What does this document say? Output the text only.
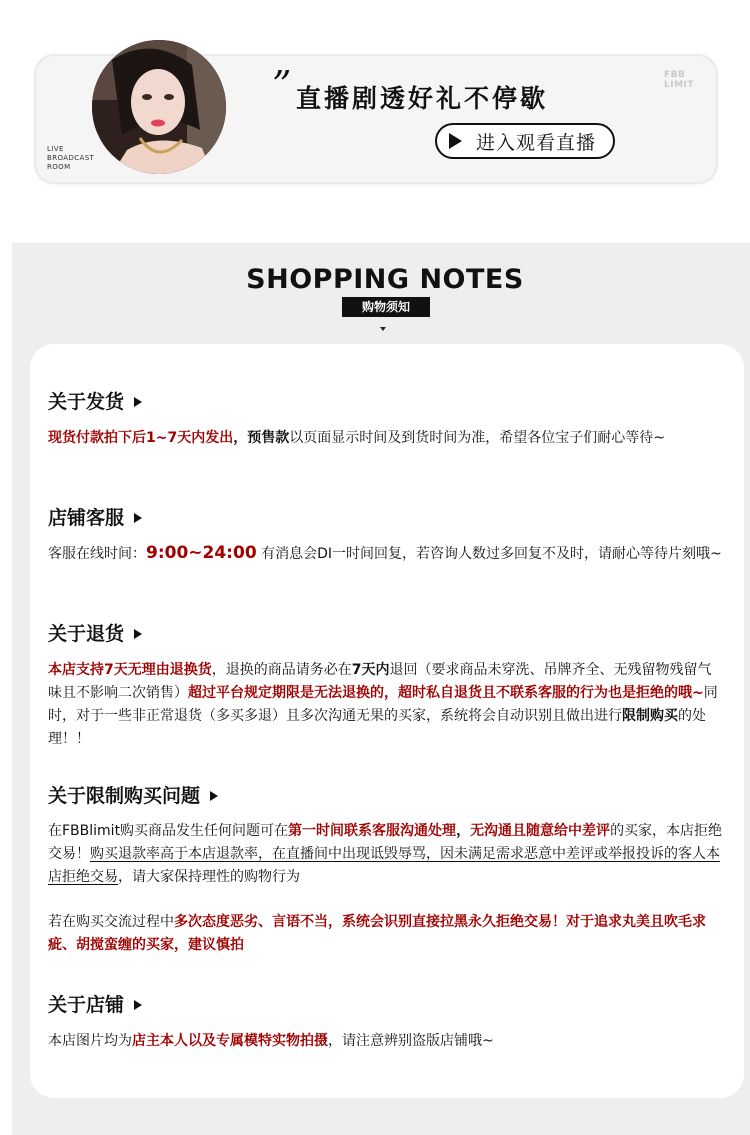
LIVE
BROADCAST
ROOM
” 直播剧透好礼不停歇
FBB
LIMIT
进入观看直播
SHOPPING NOTES
购物须知
关于发货
现货付款拍下后1~7天内发出，预售款以页面显示时间及到货时间为准，希望各位宝子们耐心等待~
店铺客服
客服在线时间：9:00~24:00 有消息会DI一时间回复，若咨询人数过多回复不及时，请耐心等待片刻哦~
关于退货
本店支持7天无理由退换货，退换的商品请务必在7天内退回（要求商品未穿洗、吊牌齐全、无残留物残留气味且不影响二次销售）超过平台规定期限是无法退换的，超时私自退货且不联系客服的行为也是拒绝的哦~同时，对于一些非正常退货（多买多退）且多次沟通无果的买家，系统将会自动识别且做出进行限制购买的处理！！
关于限制购买问题
在FBBlimit购买商品发生任何问题可在第一时间联系客服沟通处理，无沟通且随意给中差评的买家，本店拒绝交易！购买退款率高于本店退款率，在直播间中出现诋毁辱骂，因未满足需求恶意中差评或举报投诉的客人本店拒绝交易，请大家保持理性的购物行为
若在购买交流过程中多次态度恶劣、言语不当，系统会识别直接拉黑永久拒绝交易！对于追求丸美且吹毛求疵、胡搅蛮缠的买家，建议慎拍
关于店铺
本店图片均为店主本人以及专属模特实物拍摄，请注意辨别盗版店铺哦~
